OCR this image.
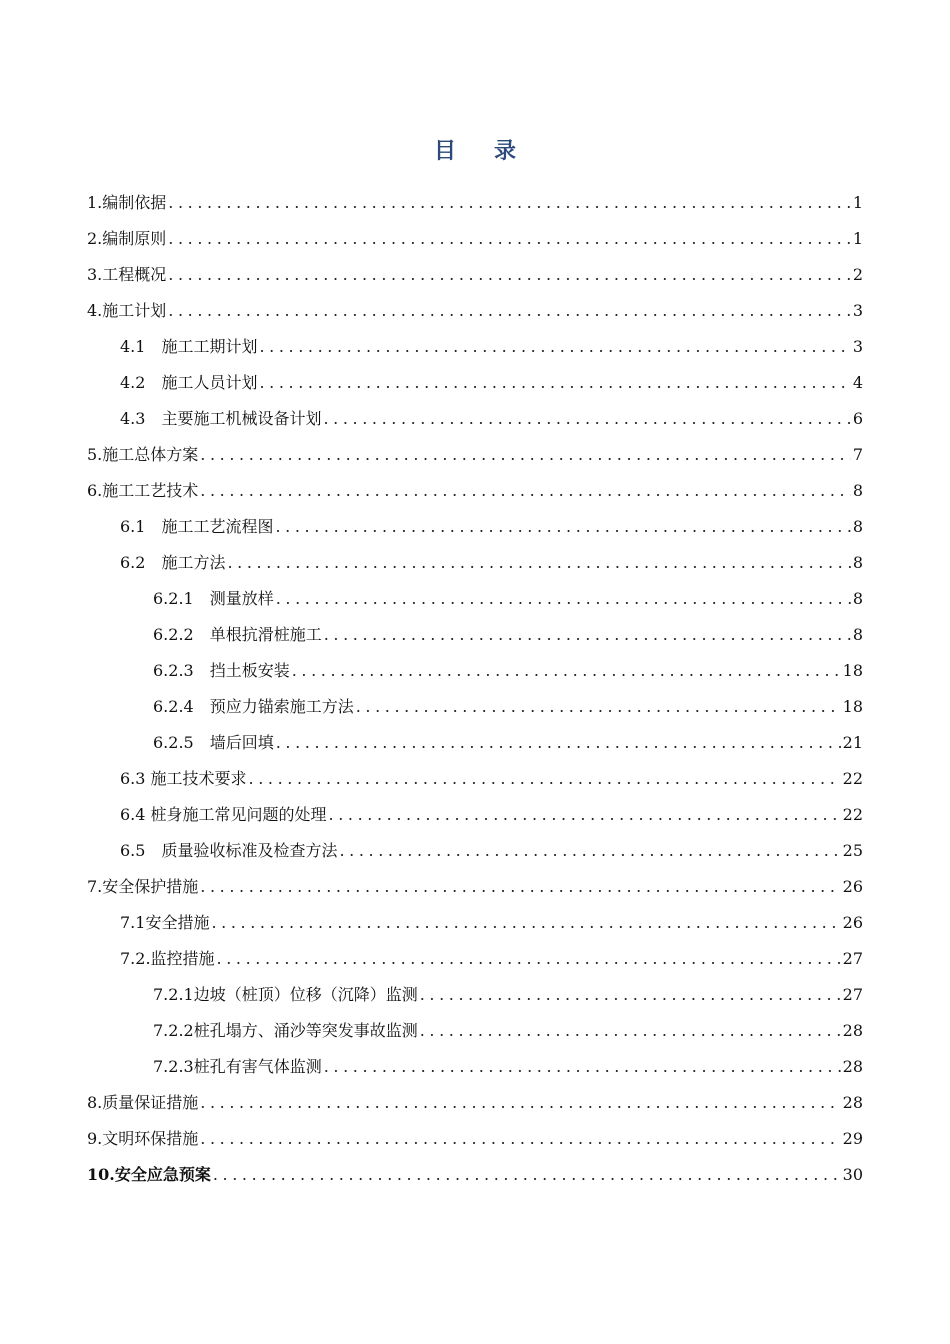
目录
1.编制依据 .....	1
2.编制原则 .....	1
3.工程概况 .....	2
4.施工计划 .....	3
4.1　施工工期计划 .....	3
4.2　施工人员计划 .....	4
4.3　主要施工机械设备计划 .....	6
5.施工总体方案 .....	7
6.施工工艺技术 .....	8
6.1　施工工艺流程图 .....	8
6.2　施工方法 .....	8
6.2.1　测量放样 .....	8
6.2.2　单根抗滑桩施工 .....	8
6.2.3　挡土板安装 .....	18
6.2.4　预应力锚索施工方法 .....	18
6.2.5　墙后回填 .....	21
6.3 施工技术要求 .....	22
6.4 桩身施工常见问题的处理 .....	22
6.5　质量验收标准及检查方法 .....	25
7.安全保护措施 .....	26
7.1安全措施 .....	26
7.2.监控措施 .....	27
7.2.1边坡（桩顶）位移（沉降）监测 .....	27
7.2.2桩孔塌方、涌沙等突发事故监测 .....	28
7.2.3桩孔有害气体监测 .....	28
8.质量保证措施 .....	28
9.文明环保措施 .....	29
10.安全应急预案 .....	30
